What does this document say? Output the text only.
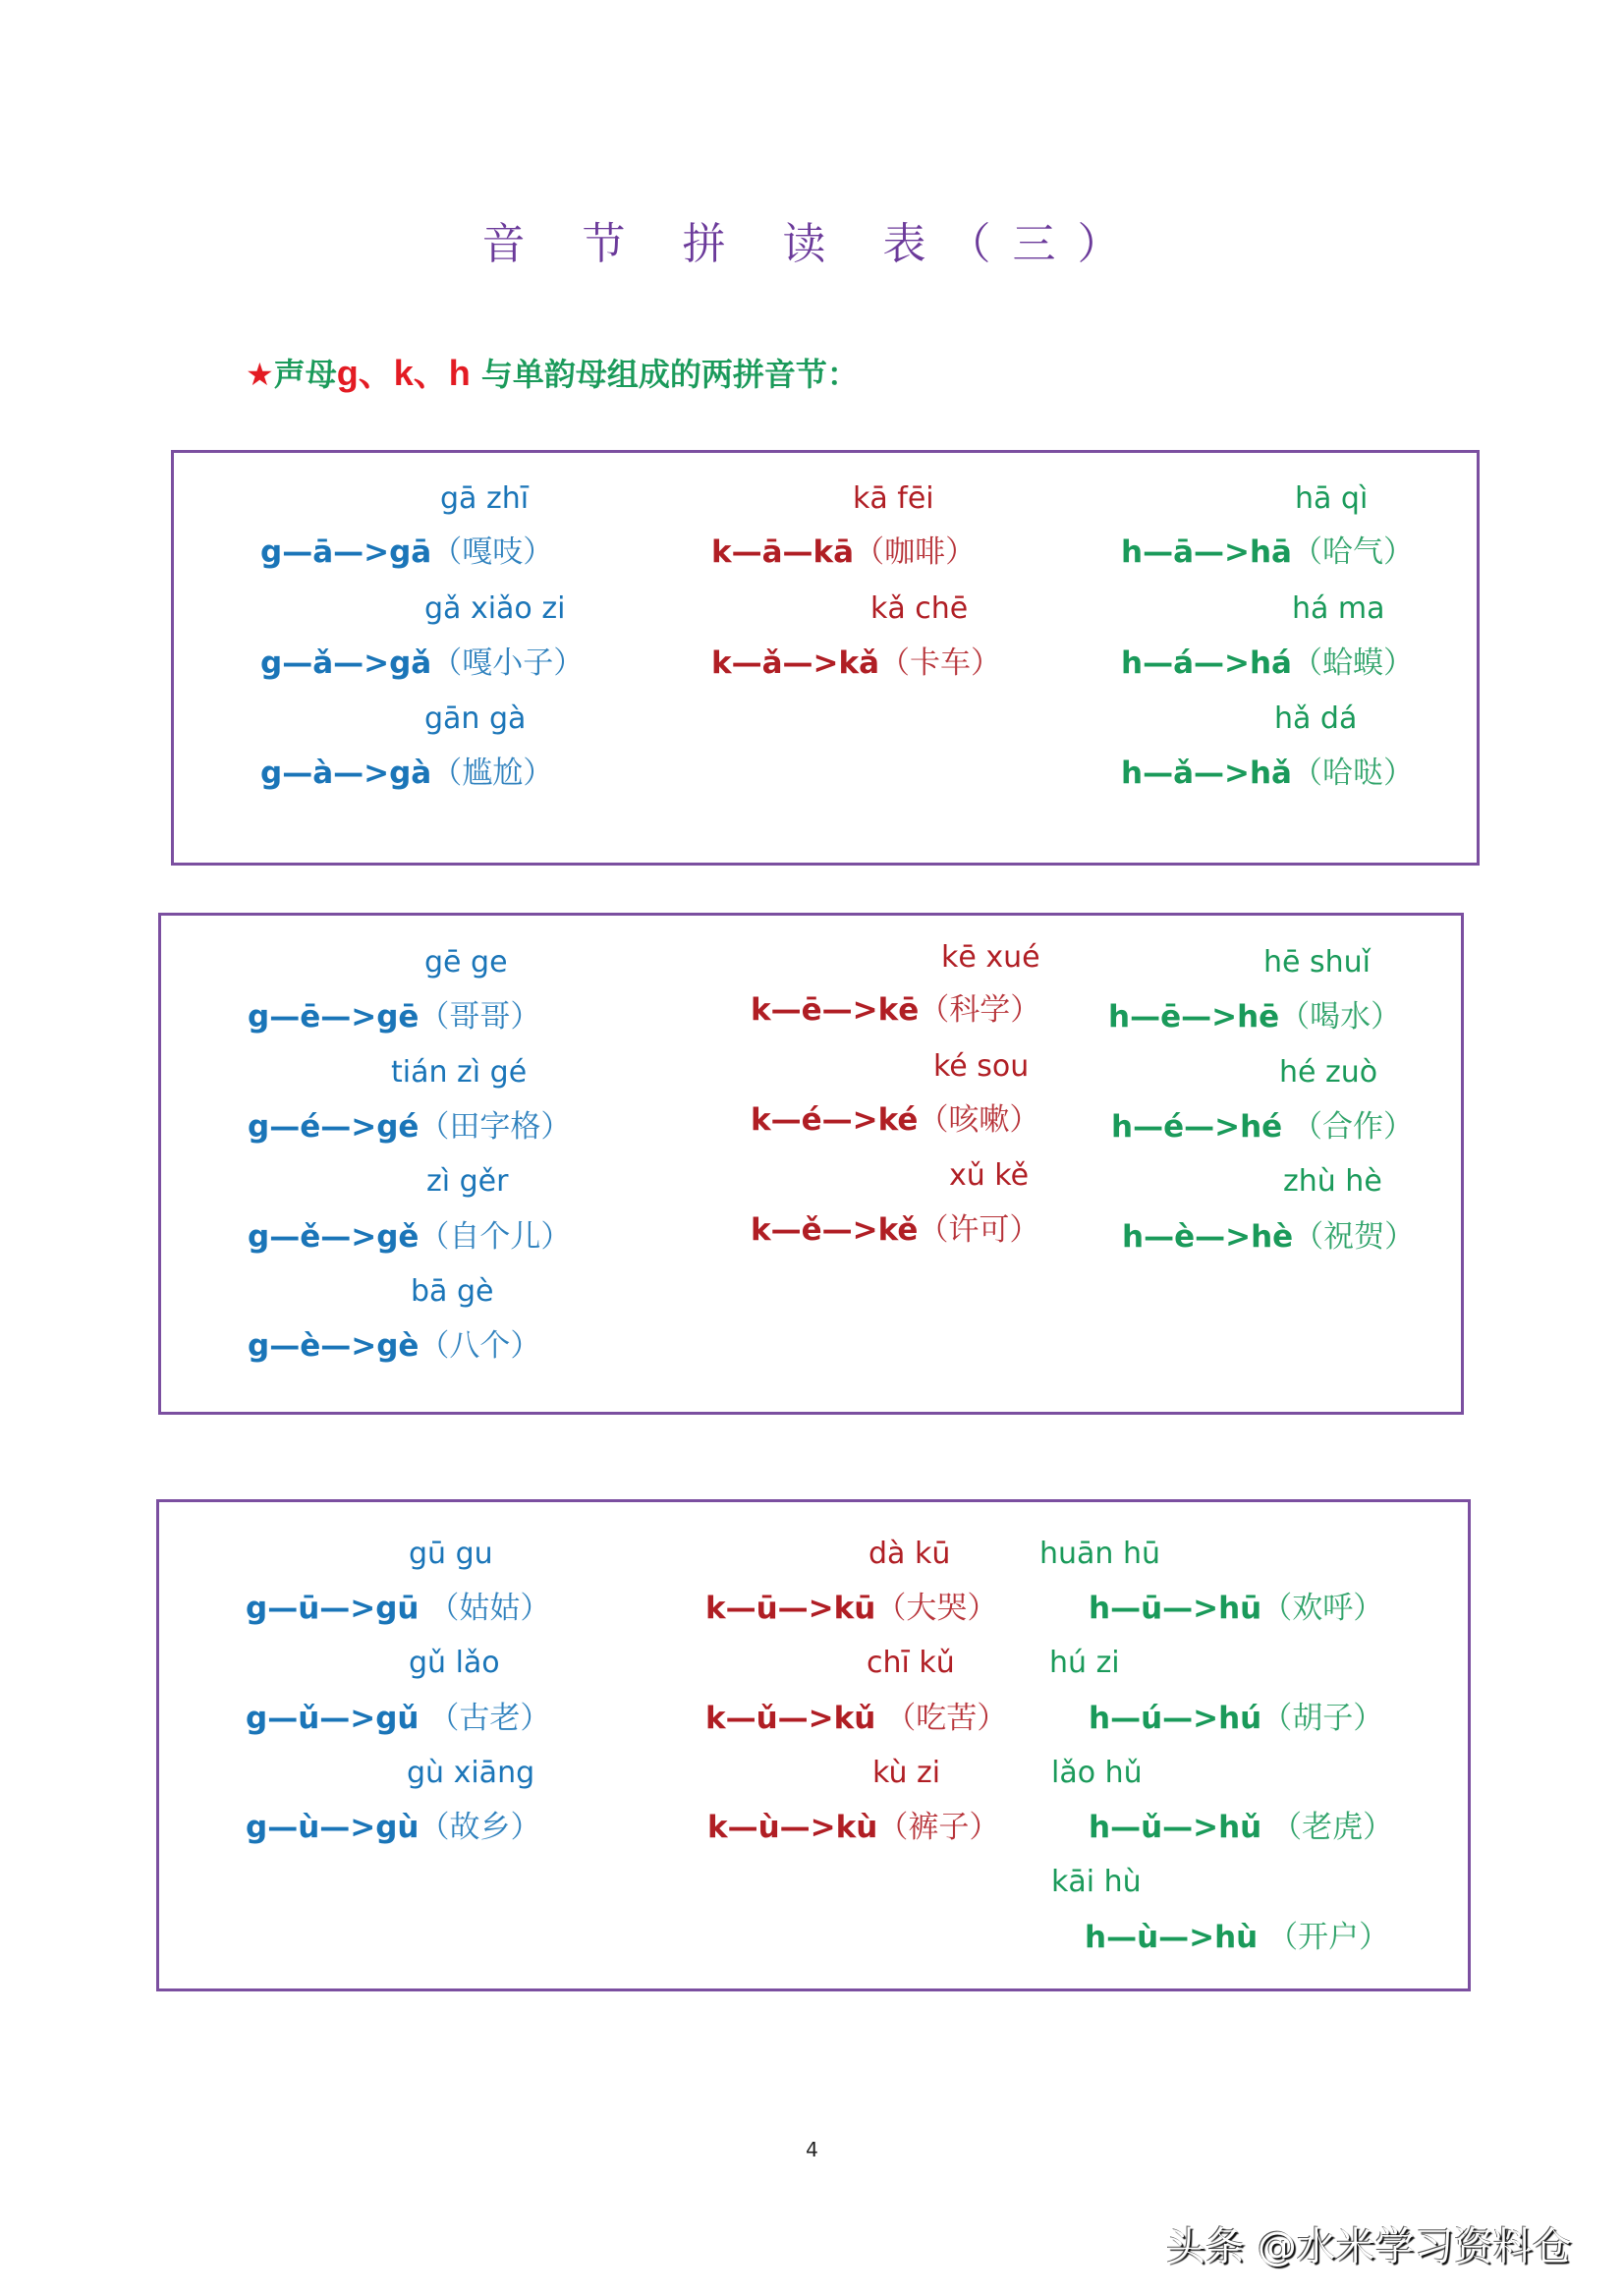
音 节 拼 读 表（三）
★声母g、k、h 与单韵母组成的两拼音节：
gā zhī
g—ā—>gā（嘎吱）
gǎ xiǎo zi
g—ǎ—>gǎ（嘎小子）
gān gà
g—à—>gà（尴尬）
kā fēi
k—ā—kā（咖啡）
kǎ chē
k—ǎ—>kǎ（卡车）
hā qì
h—ā—>hā（哈气）
há ma
h—á—>há（蛤蟆）
hǎ dá
h—ǎ—>hǎ（哈哒）
gē ge
g—ē—>gē（哥哥）
tián zì gé
g—é—>gé（田字格）
zì gěr
g—ě—>gě（自个儿）
bā gè
g—è—>gè（八个）
kē xué
k—ē—>kē（科学）
ké sou
k—é—>ké（咳嗽）
xǔ kě
k—ě—>kě（许可）
hē shuǐ
h—ē—>hē（喝水）
hé zuò
h—é—>hé （合作）
zhù hè
h—è—>hè（祝贺）
gū gu
g—ū—>gū （姑姑）
gǔ lǎo
g—ǔ—>gǔ （古老）
gù xiāng
g—ù—>gù（故乡）
dà kū
k—ū—>kū（大哭）
chī kǔ
k—ǔ—>kǔ （吃苦）
kù zi
k—ù—>kù（裤子）
huān hū
h—ū—>hū（欢呼）
hú zi
h—ú—>hú（胡子）
lǎo hǔ
h—ǔ—>hǔ （老虎）
kāi hù
h—ù—>hù （开户）
4
头条 @水米学习资料仓
